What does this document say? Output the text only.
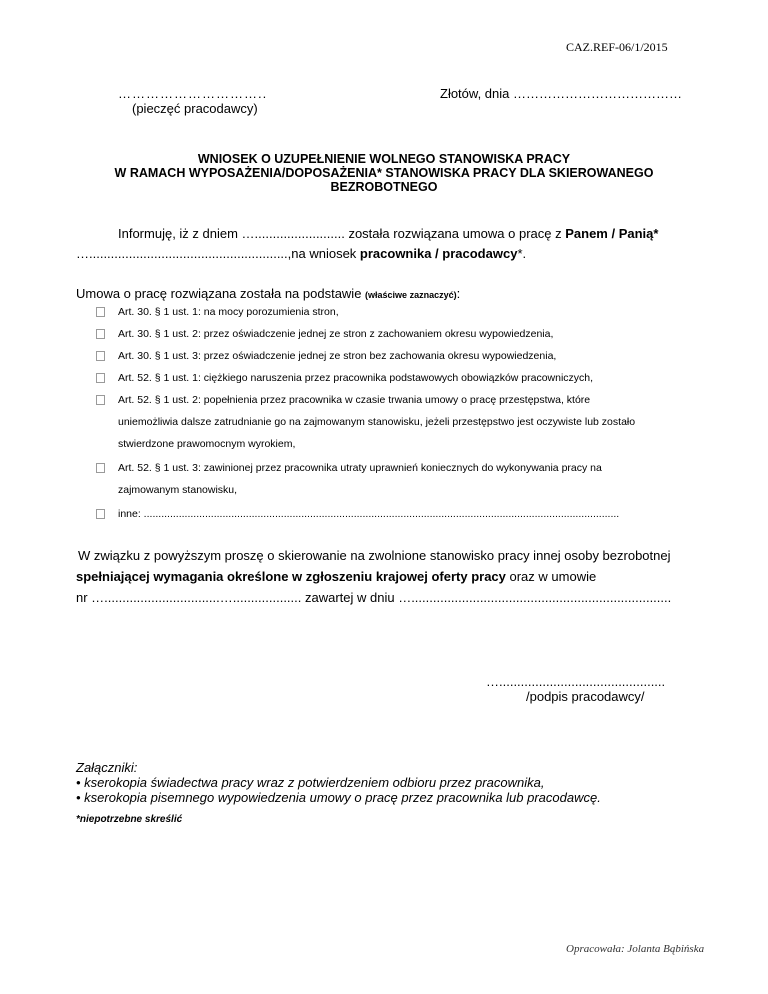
CAZ.REF-06/1/2015
…………………………..
(pieczęć pracodawcy)
Złotów, dnia …………………………………
WNIOSEK O UZUPEŁNIENIE WOLNEGO STANOWISKA PRACY
W RAMACH WYPOSAŻENIA/DOPOSAŻENIA* STANOWISKA PRACY DLA SKIEROWANEGO
BEZROBOTNEGO
Informuję, iż z dniem …......................... została rozwiązana umowa o pracę z Panem / Panią*
….......................................................,na wniosek pracownika / pracodawcy*.
Umowa o pracę rozwiązana została na podstawie (właściwe zaznaczyć):
Art. 30. § 1 ust. 1: na mocy porozumienia stron,
Art. 30. § 1 ust. 2: przez oświadczenie jednej ze stron z zachowaniem okresu wypowiedzenia,
Art. 30. § 1 ust. 3: przez oświadczenie jednej ze stron bez zachowania okresu wypowiedzenia,
Art. 52. § 1 ust. 1: ciężkiego naruszenia przez pracownika podstawowych obowiązków pracowniczych,
Art. 52. § 1 ust. 2: popełnienia przez pracownika w czasie trwania umowy o pracę przestępstwa, które
uniemożliwia dalsze zatrudnianie go na zajmowanym stanowisku, jeżeli przestępstwo jest oczywiste lub zostało
stwierdzone prawomocnym wyrokiem,
Art. 52. § 1 ust. 3: zawinionej przez pracownika utraty uprawnień koniecznych do wykonywania pracy na
zajmowanym stanowisku,
inne: ...................................................................................................................................................................
W związku z powyższym proszę o skierowanie na zwolnione stanowisko pracy innej osoby bezrobotnej
spełniającej wymagania określone w zgłoszeniu krajowej oferty pracy oraz w umowie
nr …................................…................... zawartej w dniu …........................................................................
…..............................................
/podpis pracodawcy/
Załączniki:
• kserokopia świadectwa pracy wraz z potwierdzeniem odbioru przez pracownika,
• kserokopia pisemnego wypowiedzenia umowy o pracę przez pracownika lub pracodawcę.
*niepotrzebne skreślić
Opracowała: Jolanta Bąbińska
